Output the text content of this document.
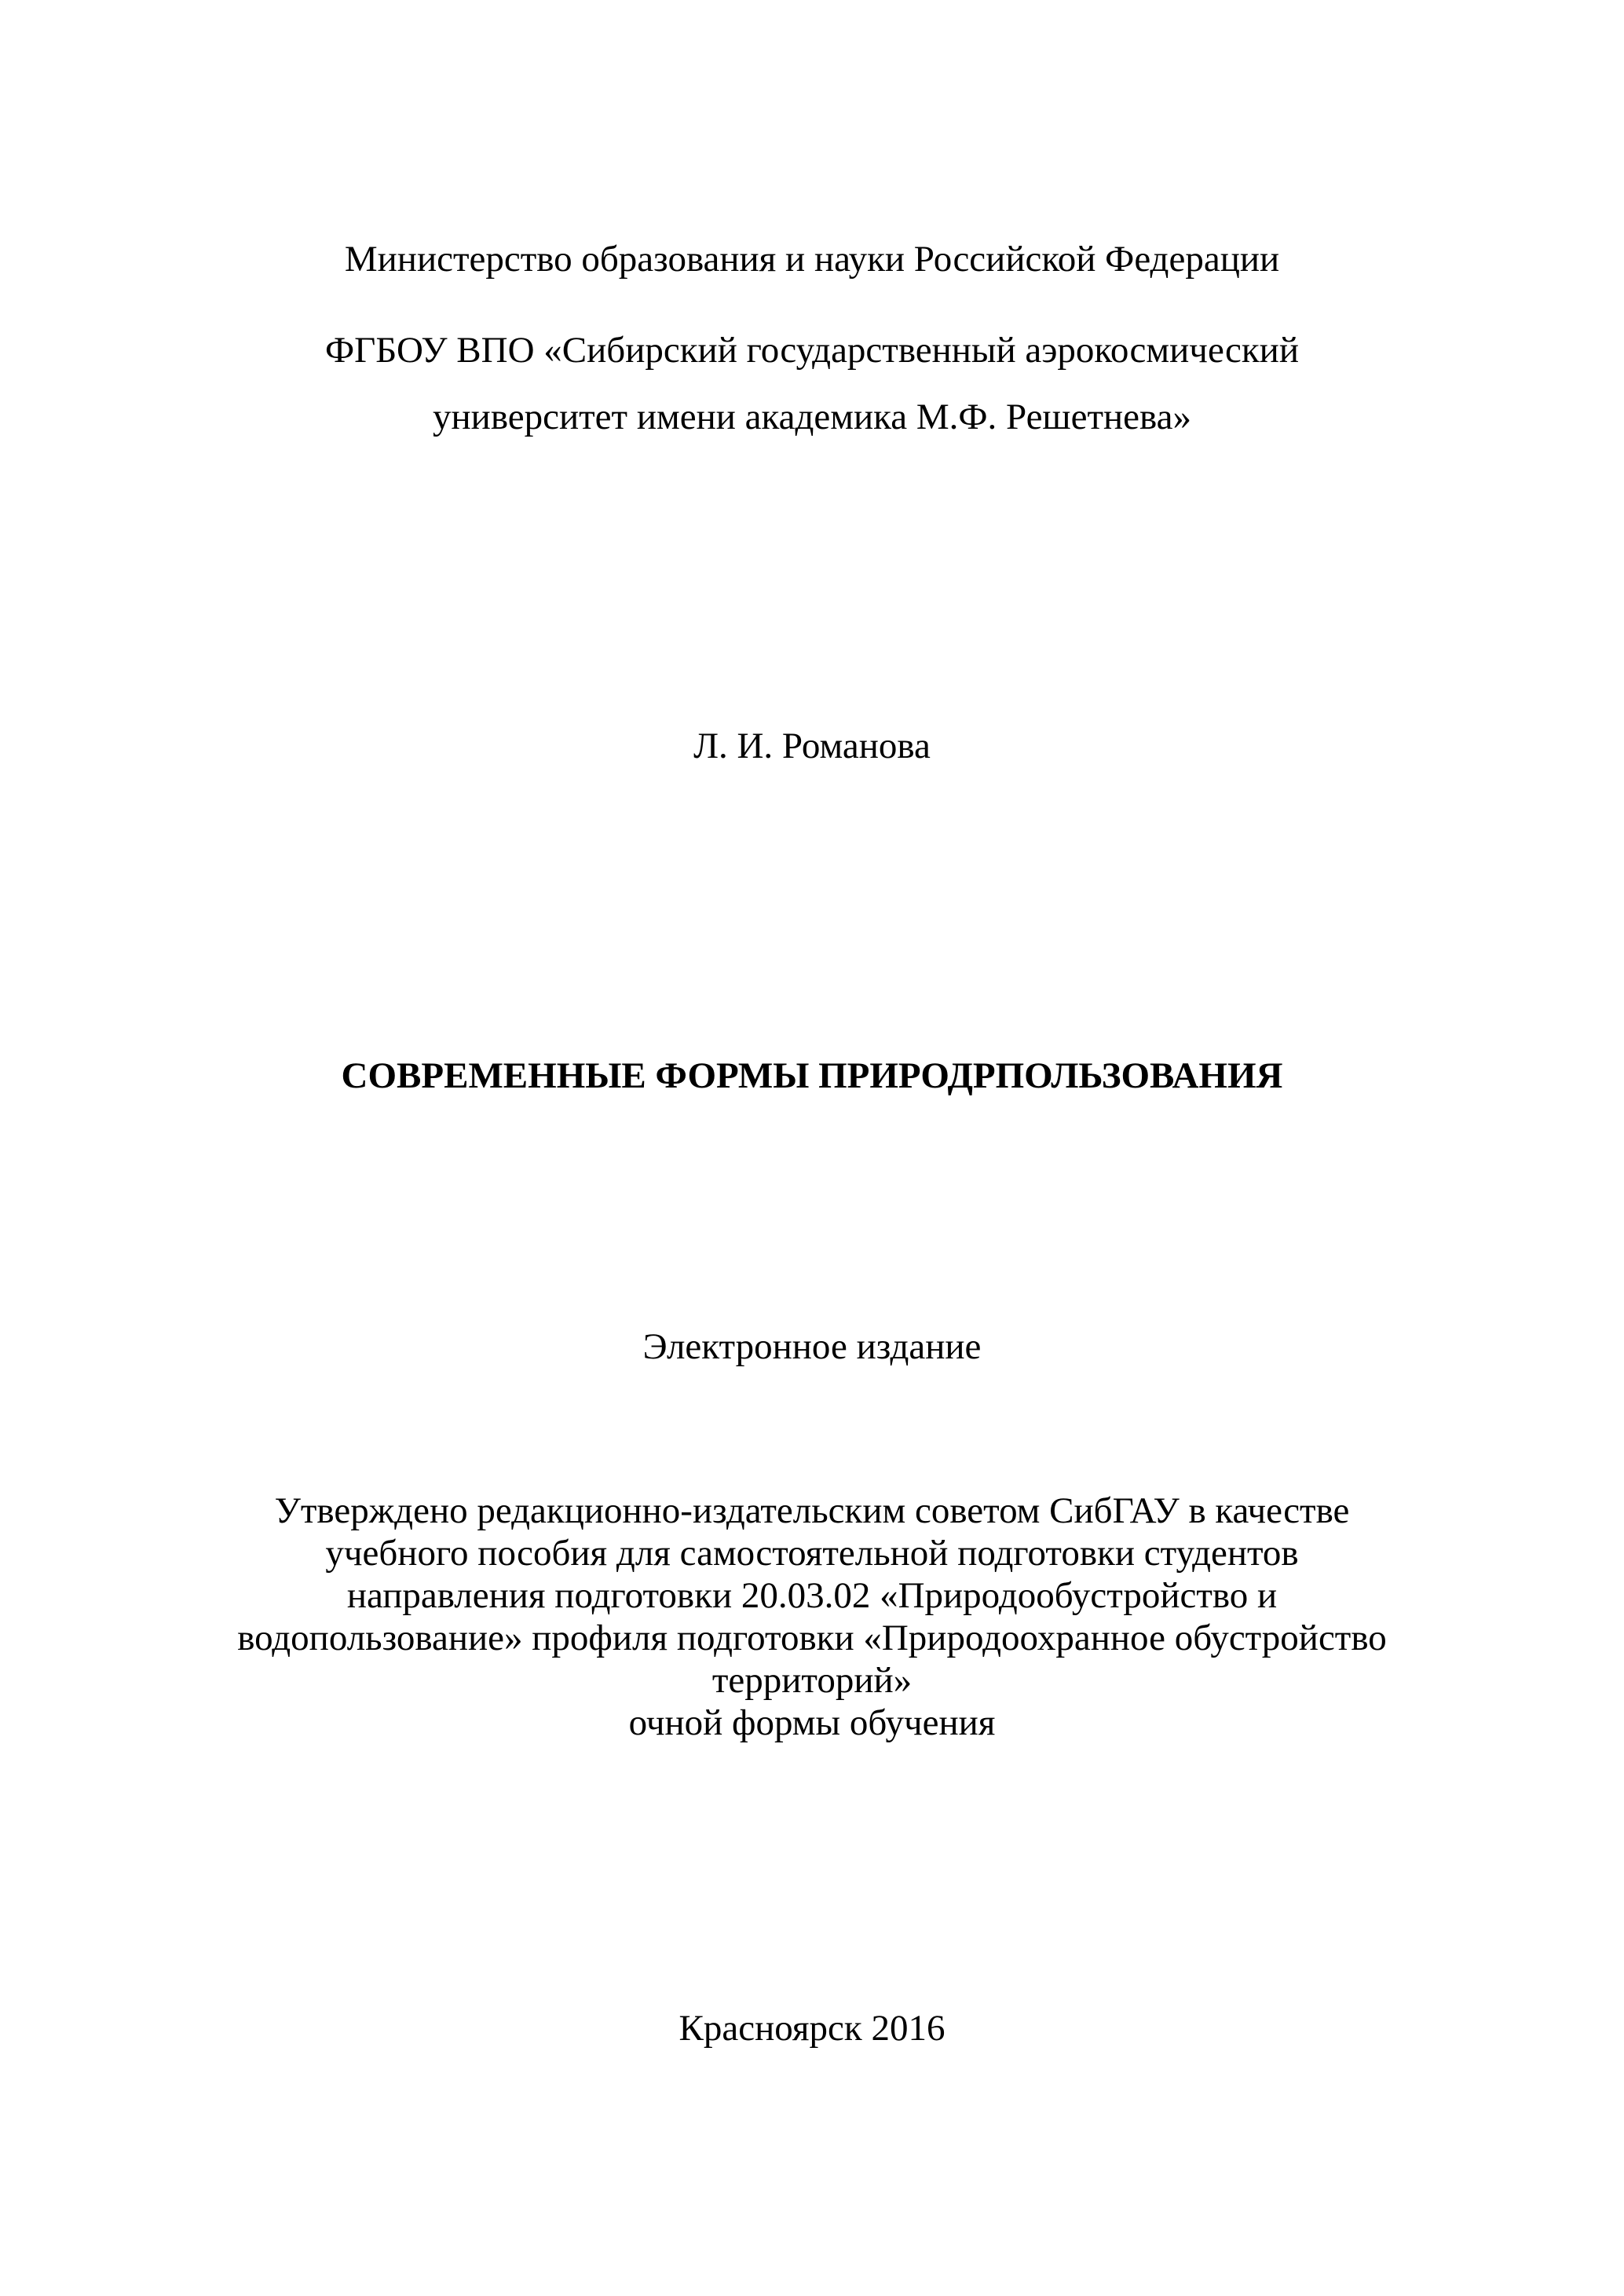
Министерство образования и науки Российской Федерации
ФГБОУ ВПО «Сибирский государственный аэрокосмический
университет имени академика М.Ф. Решетнева»
Л. И. Романова
СОВРЕМЕННЫЕ ФОРМЫ ПРИРОДРПОЛЬЗОВАНИЯ
Электронное издание
Утверждено редакционно-издательским советом СибГАУ в качестве
учебного пособия для самостоятельной подготовки студентов
направления подготовки 20.03.02 «Природообустройство и
водопользование» профиля подготовки «Природоохранное обустройство
территорий»
очной формы обучения
Красноярск 2016
